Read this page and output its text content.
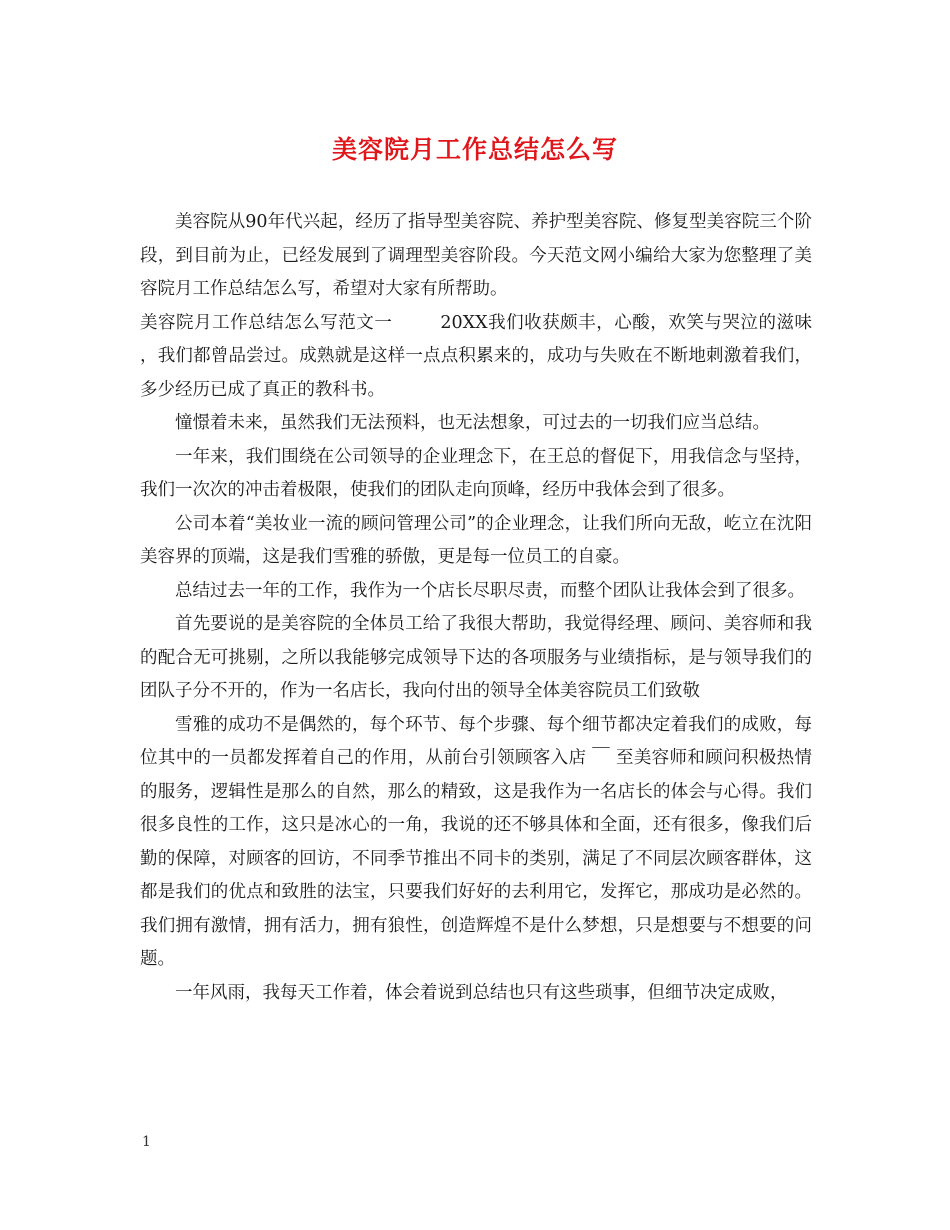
美容院月工作总结怎么写

美容院从90年代兴起，经历了指导型美容院、养护型美容院、修复型美容院三个阶段，到目前为止，已经发展到了调理型美容阶段。今天范文网小编给大家为您整理了美容院月工作总结怎么写，希望对大家有所帮助。

美容院月工作总结怎么写范文一	20XX我们收获颇丰，心酸，欢笑与哭泣的滋味 ，我们都曾品尝过。成熟就是这样一点点积累来的，成功与失败在不断地刺激着我们，多少经历已成了真正的教科书。

憧憬着未来，虽然我们无法预料，也无法想象，可过去的一切我们应当总结。

一年来，我们围绕在公司领导的企业理念下，在王总的督促下，用我信念与坚持，我们一次次的冲击着极限，使我们的团队走向顶峰，经历中我体会到了很多。

公司本着“美妆业一流的顾问管理公司”的企业理念，让我们所向无敌，屹立在沈阳美容界的顶端，这是我们雪雅的骄傲，更是每一位员工的自豪。

总结过去一年的工作，我作为一个店长尽职尽责，而整个团队让我体会到了很多。

首先要说的是美容院的全体员工给了我很大帮助，我觉得经理、顾问、美容师和我的配合无可挑剔，之所以我能够完成领导下达的各项服务与业绩指标，是与领导我们的团队子分不开的，作为一名店长，我向付出的领导全体美容院员工们致敬

雪雅的成功不是偶然的，每个环节、每个步骤、每个细节都决定着我们的成败，每位其中的一员都发挥着自己的作用，从前台引领顾客入店 ￣ 至美容师和顾问积极热情的服务，逻辑性是那么的自然，那么的精致，这是我作为一名店长的体会与心得。我们很多良性的工作，这只是冰心的一角，我说的还不够具体和全面，还有很多，像我们后勤的保障，对顾客的回访，不同季节推出不同卡的类别，满足了不同层次顾客群体，这都是我们的优点和致胜的法宝，只要我们好好的去利用它，发挥它，那成功是必然的。我们拥有激情，拥有活力，拥有狼性，创造辉煌不是什么梦想，只是想要与不想要的问题。

一年风雨，我每天工作着，体会着说到总结也只有这些琐事，但细节决定成败，

1
